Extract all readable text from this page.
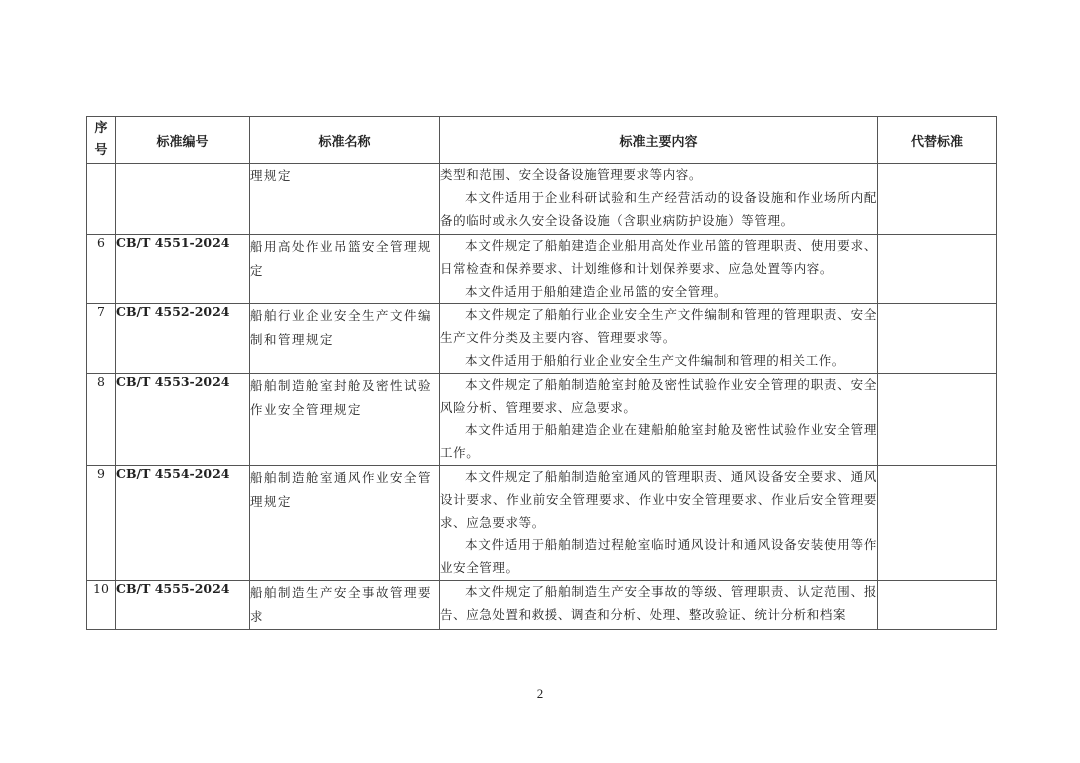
序
号	标准编号	标准名称	标准主要内容	代替标准
		理规定	类型和范围、安全设备设施管理要求等内容。

本文件适用于企业科研试验和生产经营活动的设备设施和作业场所内配备的临时或永久安全设备设施（含职业病防护设施）等管理。	

6	CB/T 4551-2024	船用高处作业吊篮安全管理规定	本文件规定了船舶建造企业船用高处作业吊篮的管理职责、使用要求、日常检查和保养要求、计划维修和计划保养要求、应急处置等内容。

本文件适用于船舶建造企业吊篮的安全管理。	

7	CB/T 4552-2024	船舶行业企业安全生产文件编制和管理规定	本文件规定了船舶行业企业安全生产文件编制和管理的管理职责、安全生产文件分类及主要内容、管理要求等。

本文件适用于船舶行业企业安全生产文件编制和管理的相关工作。	

8	CB/T 4553-2024	船舶制造舱室封舱及密性试验作业安全管理规定	本文件规定了船舶制造舱室封舱及密性试验作业安全管理的职责、安全风险分析、管理要求、应急要求。

本文件适用于船舶建造企业在建船舶舱室封舱及密性试验作业安全管理工作。	

9	CB/T 4554-2024	船舶制造舱室通风作业安全管理规定	本文件规定了船舶制造舱室通风的管理职责、通风设备安全要求、通风设计要求、作业前安全管理要求、作业中安全管理要求、作业后安全管理要求、应急要求等。

本文件适用于船舶制造过程舱室临时通风设计和通风设备安装使用等作业安全管理。	

10	CB/T 4555-2024	船舶制造生产安全事故管理要求	本文件规定了船舶制造生产安全事故的等级、管理职责、认定范围、报告、应急处置和救援、调查和分析、处理、整改验证、统计分析和档案	

2
